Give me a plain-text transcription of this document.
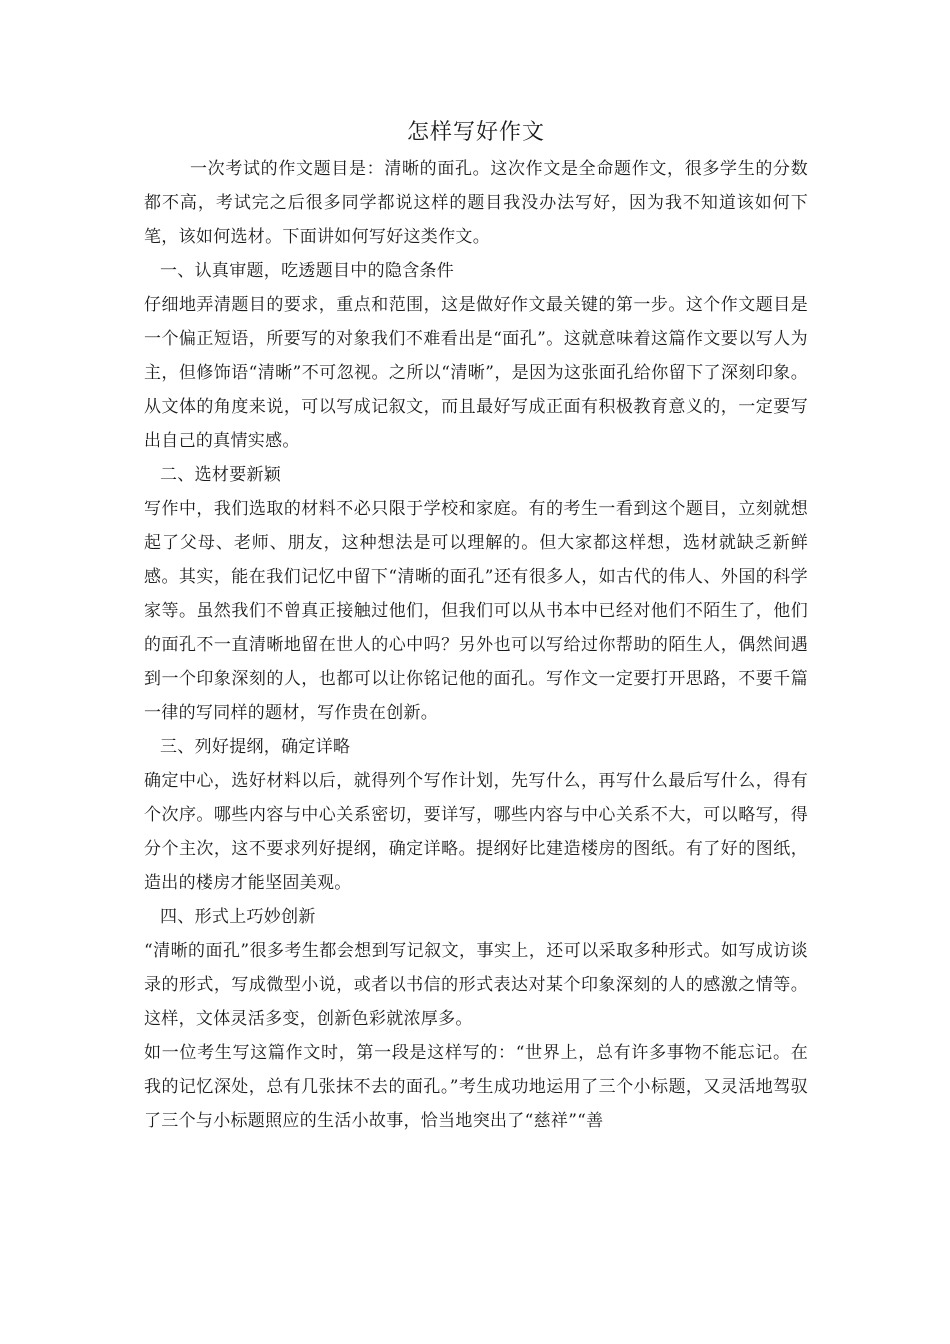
怎样写好作文

一次考试的作文题目是：清晰的面孔。这次作文是全命题作文，很多学生的分数都不高，考试完之后很多同学都说这样的题目我没办法写好，因为我不知道该如何下笔，该如何选材。下面讲如何写好这类作文。

一、认真审题，吃透题目中的隐含条件

仔细地弄清题目的要求，重点和范围，这是做好作文最关键的第一步。这个作文题目是一个偏正短语，所要写的对象我们不难看出是“面孔”。这就意味着这篇作文要以写人为主，但修饰语“清晰”不可忽视。之所以“清晰”，是因为这张面孔给你留下了深刻印象。从文体的角度来说，可以写成记叙文，而且最好写成正面有积极教育意义的，一定要写出自己的真情实感。

二、选材要新颖

写作中，我们选取的材料不必只限于学校和家庭。有的考生一看到这个题目，立刻就想起了父母、老师、朋友，这种想法是可以理解的。但大家都这样想，选材就缺乏新鲜感。其实，能在我们记忆中留下“清晰的面孔”还有很多人，如古代的伟人、外国的科学家等。虽然我们不曾真正接触过他们，但我们可以从书本中已经对他们不陌生了，他们的面孔不一直清晰地留在世人的心中吗？另外也可以写给过你帮助的陌生人，偶然间遇到一个印象深刻的人，也都可以让你铭记他的面孔。写作文一定要打开思路，不要千篇一律的写同样的题材，写作贵在创新。

三、列好提纲，确定详略

确定中心，选好材料以后，就得列个写作计划，先写什么，再写什么最后写什么，得有个次序。哪些内容与中心关系密切，要详写，哪些内容与中心关系不大，可以略写，得分个主次，这不要求列好提纲，确定详略。提纲好比建造楼房的图纸。有了好的图纸，造出的楼房才能坚固美观。

四、形式上巧妙创新

“清晰的面孔”很多考生都会想到写记叙文，事实上，还可以采取多种形式。如写成访谈录的形式，写成微型小说，或者以书信的形式表达对某个印象深刻的人的感激之情等。这样，文体灵活多变，创新色彩就浓厚多。

如一位考生写这篇作文时，第一段是这样写的：“世界上，总有许多事物不能忘记。在我的记忆深处，总有几张抹不去的面孔。”考生成功地运用了三个小标题，又灵活地驾驭了三个与小标题照应的生活小故事，恰当地突出了“慈祥”“善
